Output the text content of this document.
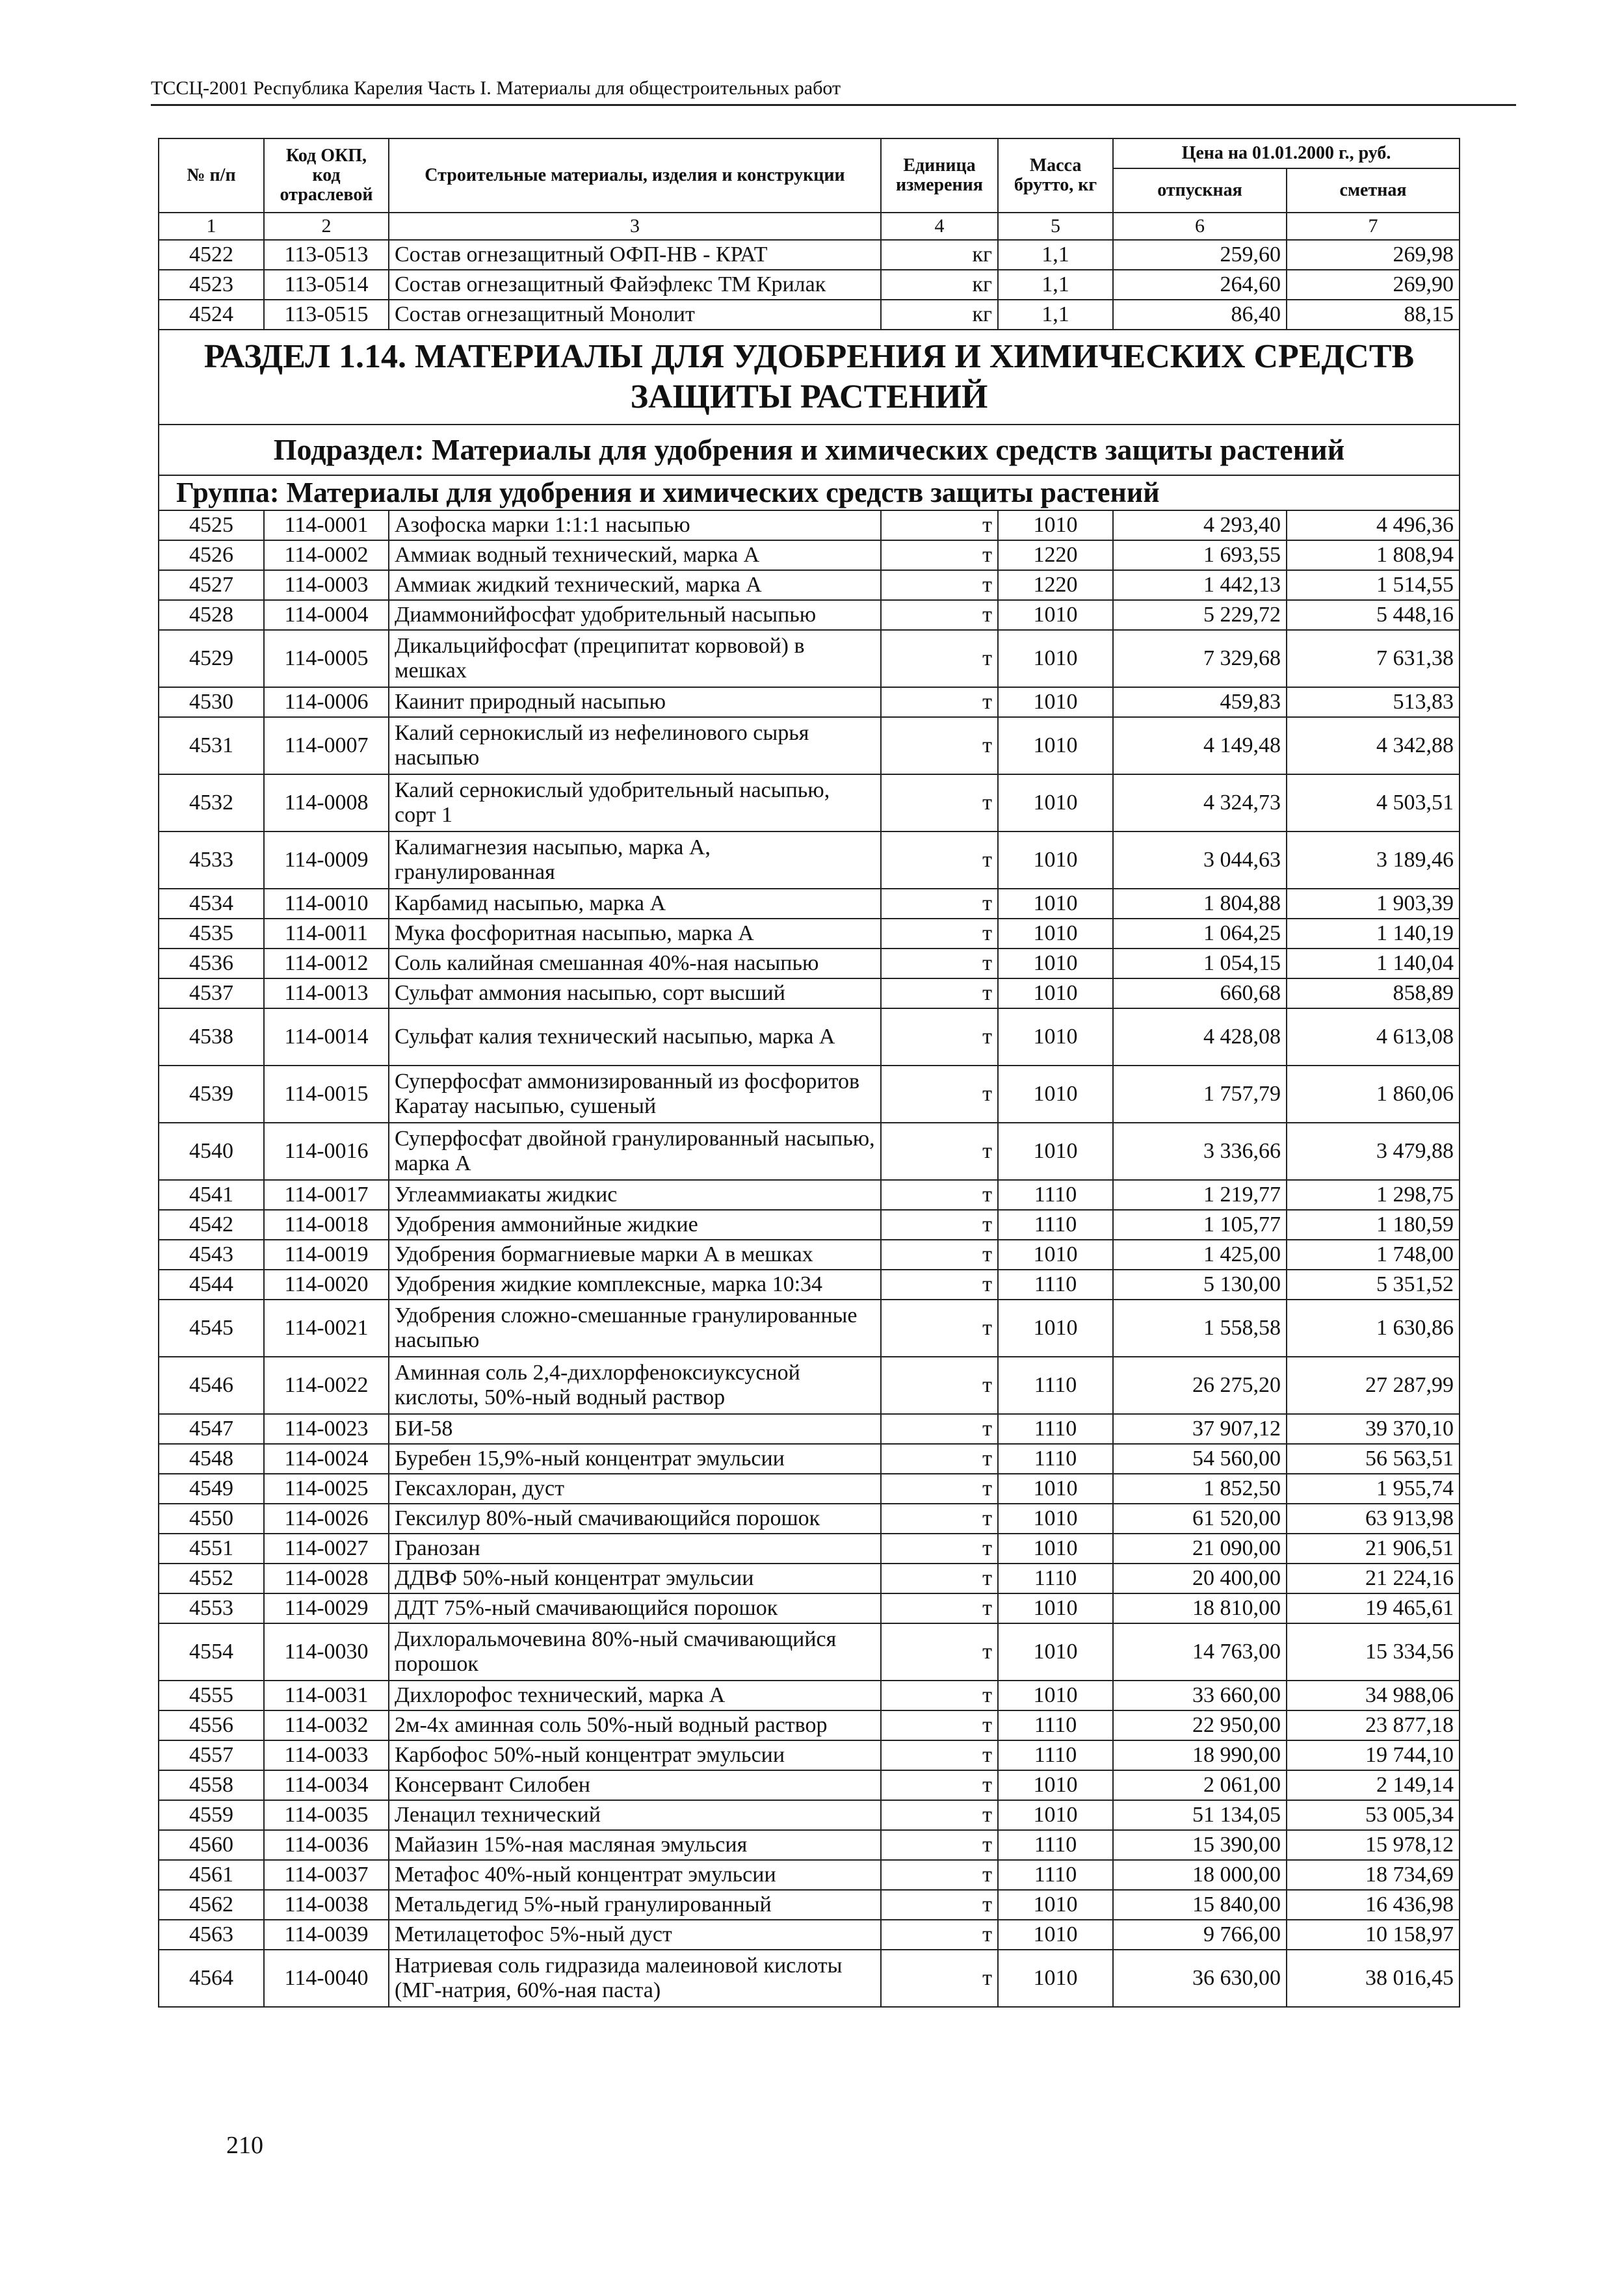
ТССЦ-2001 Республика Карелия Часть I. Материалы для общестроительных работ
№ п/п	Код ОКП, код отраслевой	Строительные материалы, изделия и конструкции	Единица измерения	Масса брутто, кг	Цена на 01.01.2000 г., руб.	
					отпускная	сметная
1	2	3	4	5	6	7
4522	113-0513	Состав огнезащитный ОФП-НВ - КРАТ	кг	1,1	259,60	269,98
4523	113-0514	Состав огнезащитный Файэфлекс ТМ Крилак	кг	1,1	264,60	269,90
4524	113-0515	Состав огнезащитный Монолит	кг	1,1	86,40	88,15
РАЗДЕЛ 1.14. МАТЕРИАЛЫ ДЛЯ УДОБРЕНИЯ И ХИМИЧЕСКИХ СРЕДСТВ ЗАЩИТЫ РАСТЕНИЙ						
Подраздел: Материалы для удобрения и химических средств защиты растений						
Группа: Материалы для удобрения и химических средств защиты растений						
4525	114-0001	Азофоска марки 1:1:1 насыпью	т	1010	4 293,40	4 496,36
4526	114-0002	Аммиак водный технический, марка А	т	1220	1 693,55	1 808,94
4527	114-0003	Аммиак жидкий технический, марка А	т	1220	1 442,13	1 514,55
4528	114-0004	Диаммонийфосфат удобрительный насыпью	т	1010	5 229,72	5 448,16
4529	114-0005	Дикальцийфосфат (преципитат корвовой) в мешках	т	1010	7 329,68	7 631,38
4530	114-0006	Каинит природный насыпью	т	1010	459,83	513,83
4531	114-0007	Калий сернокислый из нефелинового сырья насыпью	т	1010	4 149,48	4 342,88
4532	114-0008	Калий сернокислый удобрительный насыпью, сорт 1	т	1010	4 324,73	4 503,51
4533	114-0009	Калимагнезия насыпью, марка А, гранулированная	т	1010	3 044,63	3 189,46
4534	114-0010	Карбамид насыпью, марка А	т	1010	1 804,88	1 903,39
4535	114-0011	Мука фосфоритная насыпью, марка А	т	1010	1 064,25	1 140,19
4536	114-0012	Соль калийная смешанная 40%-ная насыпью	т	1010	1 054,15	1 140,04
4537	114-0013	Сульфат аммония насыпью, сорт высший	т	1010	660,68	858,89
4538	114-0014	Сульфат калия технический насыпью, марка А	т	1010	4 428,08	4 613,08
4539	114-0015	Суперфосфат аммонизированный из фосфоритов Каратау насыпью, сушеный	т	1010	1 757,79	1 860,06
4540	114-0016	Суперфосфат двойной гранулированный насыпью, марка А	т	1010	3 336,66	3 479,88
4541	114-0017	Углеаммиакаты жидкис	т	1110	1 219,77	1 298,75
4542	114-0018	Удобрения аммонийные жидкие	т	1110	1 105,77	1 180,59
4543	114-0019	Удобрения бормагниевые марки А в мешках	т	1010	1 425,00	1 748,00
4544	114-0020	Удобрения жидкие комплексные, марка 10:34	т	1110	5 130,00	5 351,52
4545	114-0021	Удобрения сложно-смешанные гранулированные насыпью	т	1010	1 558,58	1 630,86
4546	114-0022	Аминная соль 2,4-дихлорфеноксиуксусной кислоты, 50%-ный водный раствор	т	1110	26 275,20	27 287,99
4547	114-0023	БИ-58	т	1110	37 907,12	39 370,10
4548	114-0024	Буребен 15,9%-ный концентрат эмульсии	т	1110	54 560,00	56 563,51
4549	114-0025	Гексахлоран, дуст	т	1010	1 852,50	1 955,74
4550	114-0026	Гексилур 80%-ный смачивающийся порошок	т	1010	61 520,00	63 913,98
4551	114-0027	Гранозан	т	1010	21 090,00	21 906,51
4552	114-0028	ДДВФ 50%-ный концентрат эмульсии	т	1110	20 400,00	21 224,16
4553	114-0029	ДДТ 75%-ный смачивающийся порошок	т	1010	18 810,00	19 465,61
4554	114-0030	Дихлоральмочевина 80%-ный смачивающийся порошок	т	1010	14 763,00	15 334,56
4555	114-0031	Дихлорофос технический, марка А	т	1010	33 660,00	34 988,06
4556	114-0032	2м-4х аминная соль 50%-ный водный раствор	т	1110	22 950,00	23 877,18
4557	114-0033	Карбофос 50%-ный концентрат эмульсии	т	1110	18 990,00	19 744,10
4558	114-0034	Консервант Силобен	т	1010	2 061,00	2 149,14
4559	114-0035	Ленацил технический	т	1010	51 134,05	53 005,34
4560	114-0036	Майазин 15%-ная масляная эмульсия	т	1110	15 390,00	15 978,12
4561	114-0037	Метафос 40%-ный концентрат эмульсии	т	1110	18 000,00	18 734,69
4562	114-0038	Метальдегид 5%-ный гранулированный	т	1010	15 840,00	16 436,98
4563	114-0039	Метилацетофос 5%-ный дуст	т	1010	9 766,00	10 158,97
4564	114-0040	Натриевая соль гидразида малеиновой кислоты (МГ-натрия, 60%-ная паста)	т	1010	36 630,00	38 016,45
210
